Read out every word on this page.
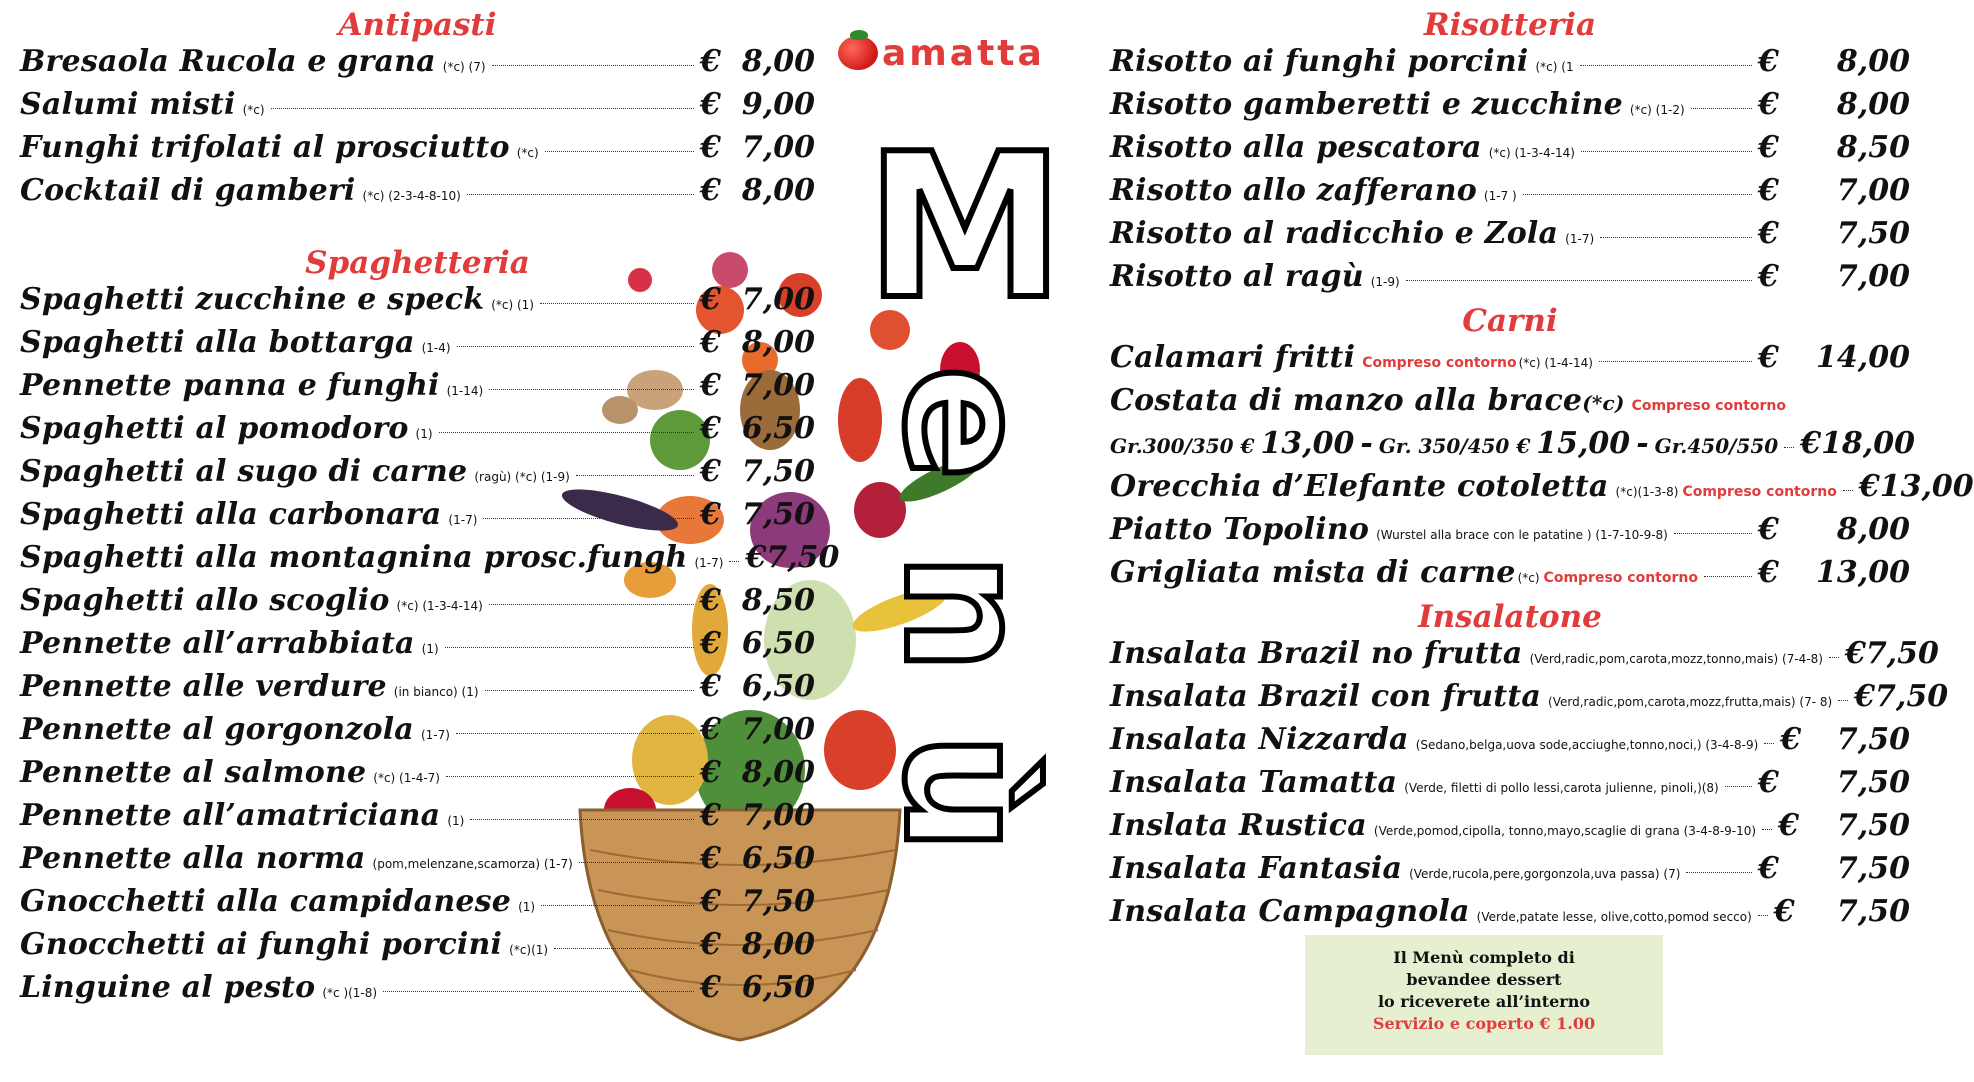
Antipasti
Bresaola Rucola e grana (*c) (7)	€ 8,00
Salumi misti (*c)	€ 9,00
Funghi trifolati al prosciutto (*c)	€ 7,00
Cocktail di gamberi (*c) (2-3-4-8-10)	€ 8,00
Spaghetteria
Spaghetti zucchine e speck (*c) (1)	€ 7,00
Spaghetti alla bottarga (1-4)	€ 8,00
Pennette panna e funghi (1-14)	€ 7,00
Spaghetti al pomodoro (1)	€ 6,50
Spaghetti al sugo di carne (ragù) (*c) (1-9)	€ 7,50
Spaghetti alla carbonara (1-7)	€ 7,50
Spaghetti alla montagnina prosc.fungh (1-7) € 7,50
Spaghetti allo scoglio (*c) (1-3-4-14)	€ 8,50
Pennette all’arrabbiata (1)	€ 6,50
Pennette alle verdure (in bianco) (1)	€ 6,50
Pennette al gorgonzola (1-7)	€ 7,00
Pennette al salmone (*c) (1-4-7)	€ 8,00
Pennette all’amatriciana (1)	€ 7,00
Pennette alla norma (pom,melenzane,scamorza) (1-7)	€ 6,50
Gnocchetti alla campidanese (1)	€ 7,50
Gnocchetti ai funghi porcini (*c)(1)	€ 8,00
Linguine al pesto (*c )(1-8)	€ 6,50
amatta
M
e
n
ù
Risotteria
Risotto ai funghi porcini (*c) (1	€	8,00
Risotto gamberetti e zucchine (*c) (1-2) €	8,00
Risotto alla pescatora (*c) (1-3-4-14)	€	8,50
Risotto allo zafferano (1-7 )	€	7,00
Risotto al radicchio e Zola (1-7)	€	7,50
Risotto al ragù (1-9)	€	7,00
Carni
Calamari fritti Compreso contorno (*c) (1-4-14)	€	14,00
Costata di manzo alla brace (*c) Compreso contorno
Gr.300/350 € 13,00 - Gr. 350/450 € 15,00 - Gr.450/550 € 18,00
Orecchia d’Elefante cotoletta (*c)(1-3-8) Compreso contorno € 13,00
Piatto Topolino (Wurstel alla brace con le patatine ) (1-7-10-9-8)	€	8,00
Grigliata mista di carne (*c) Compreso contorno €	13,00
Insalatone
Insalata Brazil no frutta (Verd,radic,pom,carota,mozz,tonno,mais) (7-4-8) € 7,50
Insalata Brazil con frutta (Verd,radic,pom,carota,mozz,frutta,mais) (7- 8) € 7,50
Insalata Nizzarda (Sedano,belga,uova sode,acciughe,tonno,noci,) (3-4-8-9) €	7,50
Insalata Tamatta (Verde, filetti di pollo lessi,carota julienne, pinoli,)(8) €	7,50
Inslata Rustica (Verde,pomod,cipolla, tonno,mayo,scaglie di grana (3-4-8-9-10) €	7,50
Insalata Fantasia (Verde,rucola,pere,gorgonzola,uva passa) (7)	€	7,50
Insalata Campagnola (Verde,patate lesse, olive,cotto,pomod secco) €	7,50
Il Menù completo di
bevandee dessert
lo riceverete all’interno
Servizio e coperto € 1.00
